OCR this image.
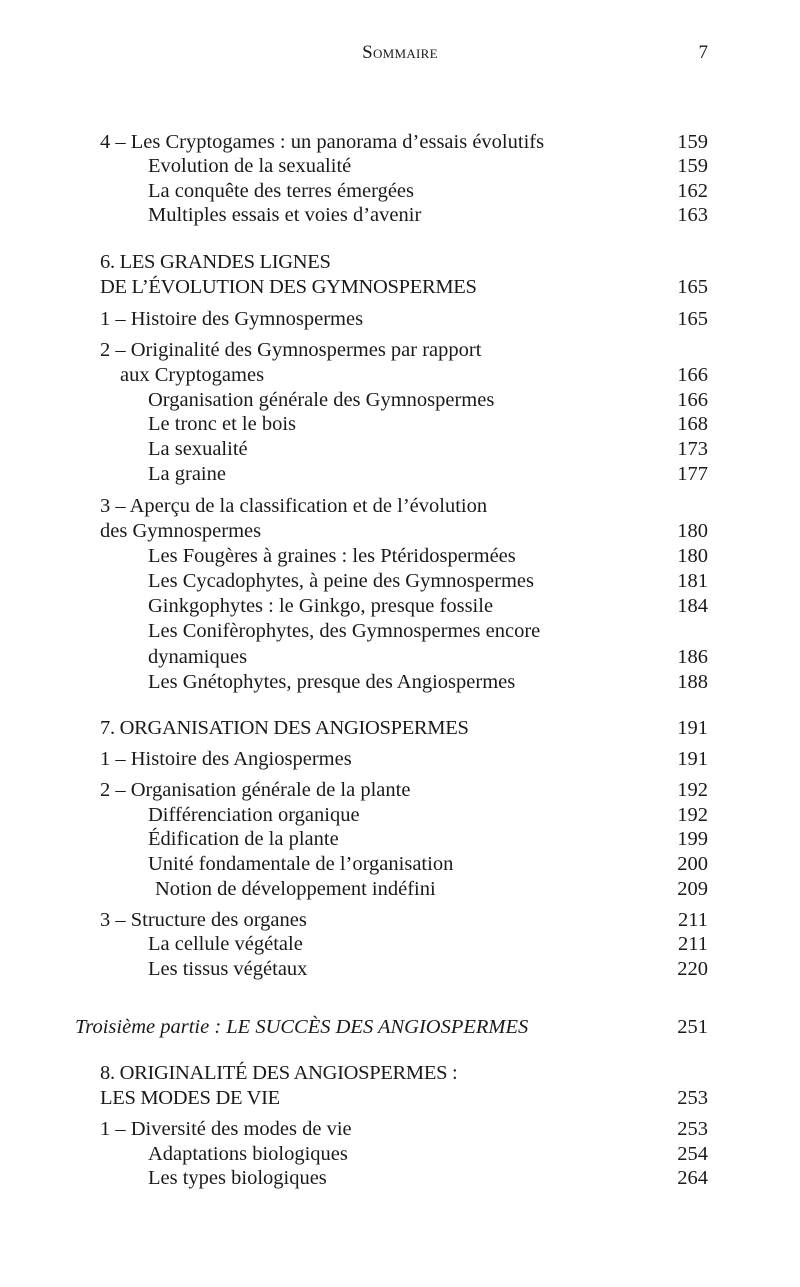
Sommaire	7
4 – Les Cryptogames : un panorama d’essais évolutifs	159
Evolution de la sexualité	159
La conquête des terres émergées	162
Multiples essais et voies d’avenir	163
6. LES GRANDES LIGNES
DE L’ÉVOLUTION DES GYMNOSPERMES	165
1 – Histoire des Gymnospermes	165
2 – Originalité des Gymnospermes par rapport
aux Cryptogames	166
Organisation générale des Gymnospermes	166
Le tronc et le bois	168
La sexualité	173
La graine	177
3 – Aperçu de la classification et de l’évolution
des Gymnospermes	180
Les Fougères à graines : les Ptéridospermées	180
Les Cycadophytes, à peine des Gymnospermes	181
Ginkgophytes : le Ginkgo, presque fossile	184
Les Conifèrophytes, des Gymnospermes encore
dynamiques	186
Les Gnétophytes, presque des Angiospermes	188
7. ORGANISATION DES ANGIOSPERMES	191
1 – Histoire des Angiospermes	191
2 – Organisation générale de la plante	192
Différenciation organique	192
Édification de la plante	199
Unité fondamentale de l’organisation	200
Notion de développement indéfini	209
3 – Structure des organes	211
La cellule végétale	211
Les tissus végétaux	220
Troisième partie : LE SUCCÈS DES ANGIOSPERMES	251
8. ORIGINALITÉ DES ANGIOSPERMES :
LES MODES DE VIE	253
1 – Diversité des modes de vie	253
Adaptations biologiques	254
Les types biologiques	264
